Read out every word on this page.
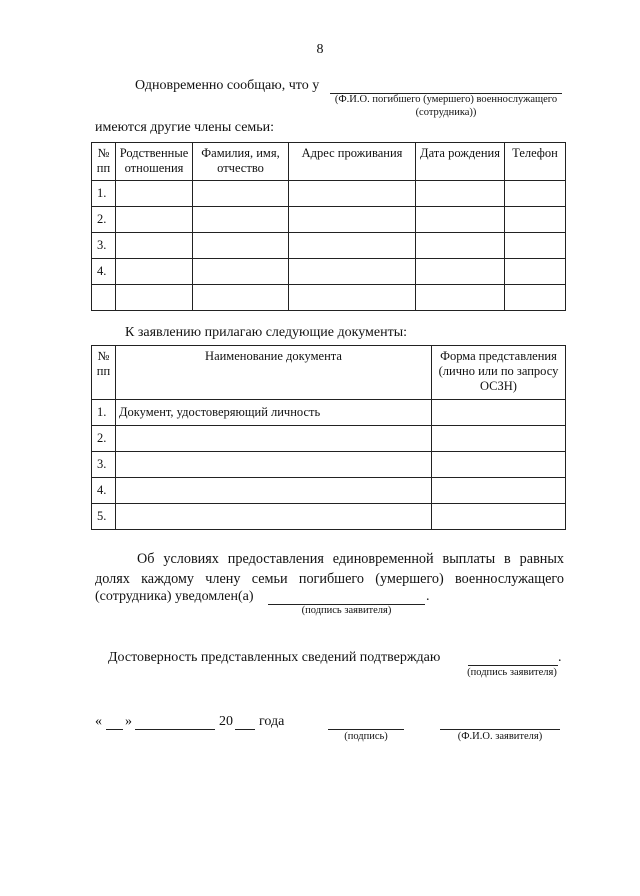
8
Одновременно сообщаю, что у
(Ф.И.О. погибшего (умершего) военнослужащего
(сотрудника))
имеются другие члены семьи:
№ пп	Родственные отношения	Фамилия, имя, отчество	Адрес проживания	Дата рождения	Телефон
1.					
2.					
3.					
4.					

К заявлению прилагаю следующие документы:
№ пп	Наименование документа	Форма представления (лично или по запросу ОСЗН)
1.	Документ, удостоверяющий личность	
2.		
3.		
4.		
5.		
Об условиях предоставления единовременной выплаты в равных
долях каждому члену семьи погибшего (умершего) военнослужащего
(сотрудника) уведомлен(а)	.
(подпись заявителя)
Достоверность представленных сведений подтверждаю	.
(подпись заявителя)
« »	20 года
(подпись)	(Ф.И.О. заявителя)
